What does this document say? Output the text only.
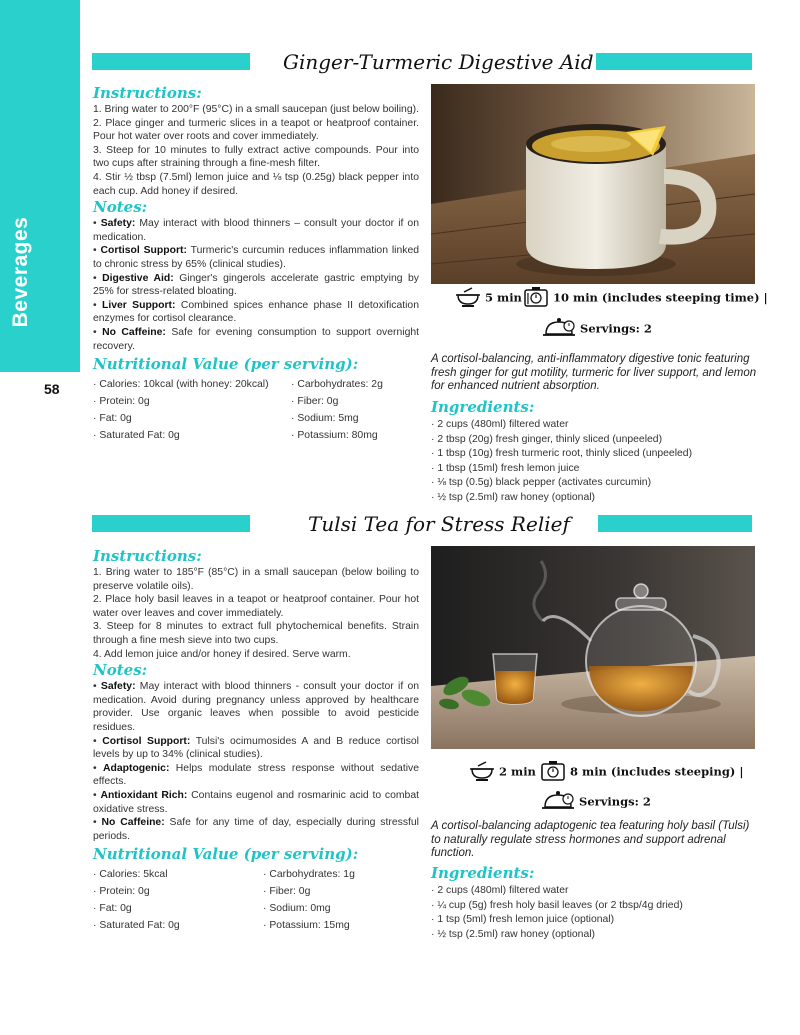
Beverages
58
Ginger-Turmeric Digestive Aid
Instructions:

1. Bring water to 200°F (95°C) in a small saucepan (just below boiling).

2. Place ginger and turmeric slices in a teapot or heatproof container. Pour hot water over roots and cover immediately.

3. Steep for 10 minutes to fully extract active compounds. Pour into two cups after straining through a fine-mesh filter.

4. Stir ½ tbsp (7.5ml) lemon juice and ⅛ tsp (0.25g) black pepper into each cup. Add honey if desired.

Notes:

• Safety: May interact with blood thinners – consult your doctor if on medication.

• Cortisol Support: Turmeric's curcumin reduces inflammation linked to chronic stress by 65% (clinical studies).

• Digestive Aid: Ginger's gingerols accelerate gastric emptying by 25% for stress-related bloating.

• Liver Support: Combined spices enhance phase II detoxification enzymes for cortisol clearance.

• No Caffeine: Safe for evening consumption to support overnight recovery.

Nutritional Value (per serving):
· Calories: 10kcal (with honey: 20kcal)	· Carbohydrates: 2g
· Protein: 0g	· Fiber: 0g
· Fat: 0g	· Sodium: 5mg
· Saturated Fat: 0g	· Potassium: 80mg
5 min |	10 min (includes steeping time) |
Servings: 2
A cortisol-balancing, anti-inflammatory digestive tonic featuring fresh ginger for gut motility, turmeric for liver support, and lemon for enhanced nutrient absorption.
Ingredients:
· 2 cups (480ml) filtered water
· 2 tbsp (20g) fresh ginger, thinly sliced (unpeeled)
· 1 tbsp (10g) fresh turmeric root, thinly sliced (unpeeled)
· 1 tbsp (15ml) fresh lemon juice
· ⅛ tsp (0.5g) black pepper (activates curcumin)
· ½ tsp (2.5ml) raw honey (optional)
Tulsi Tea for Stress Relief
Instructions:

1. Bring water to 185°F (85°C) in a small saucepan (below boiling to preserve volatile oils).

2. Place holy basil leaves in a teapot or heatproof container. Pour hot water over leaves and cover immediately.

3. Steep for 8 minutes to extract full phytochemical benefits. Strain through a fine mesh sieve into two cups.

4. Add lemon juice and/or honey if desired. Serve warm.

Notes:

• Safety: May interact with blood thinners - consult your doctor if on medication. Avoid during pregnancy unless approved by healthcare provider. Use organic leaves when possible to avoid pesticide residues.

• Cortisol Support: Tulsi's ocimumosides A and B reduce cortisol levels by up to 34% (clinical studies).

• Adaptogenic: Helps modulate stress response without sedative effects.

• Antioxidant Rich: Contains eugenol and rosmarinic acid to combat oxidative stress.

• No Caffeine: Safe for any time of day, especially during stressful periods.

Nutritional Value (per serving):
· Calories: 5kcal	· Carbohydrates: 1g
· Protein: 0g	· Fiber: 0g
· Fat: 0g	· Sodium: 0mg
· Saturated Fat: 0g	· Potassium: 15mg
2 min |	8 min (includes steeping) |
Servings: 2
A cortisol-balancing adaptogenic tea featuring holy basil (Tulsi) to naturally regulate stress hormones and support adrenal function.
Ingredients:
· 2 cups (480ml) filtered water
· ¼ cup (5g) fresh holy basil leaves (or 2 tbsp/4g dried)
· 1 tsp (5ml) fresh lemon juice (optional)
· ½ tsp (2.5ml) raw honey (optional)
